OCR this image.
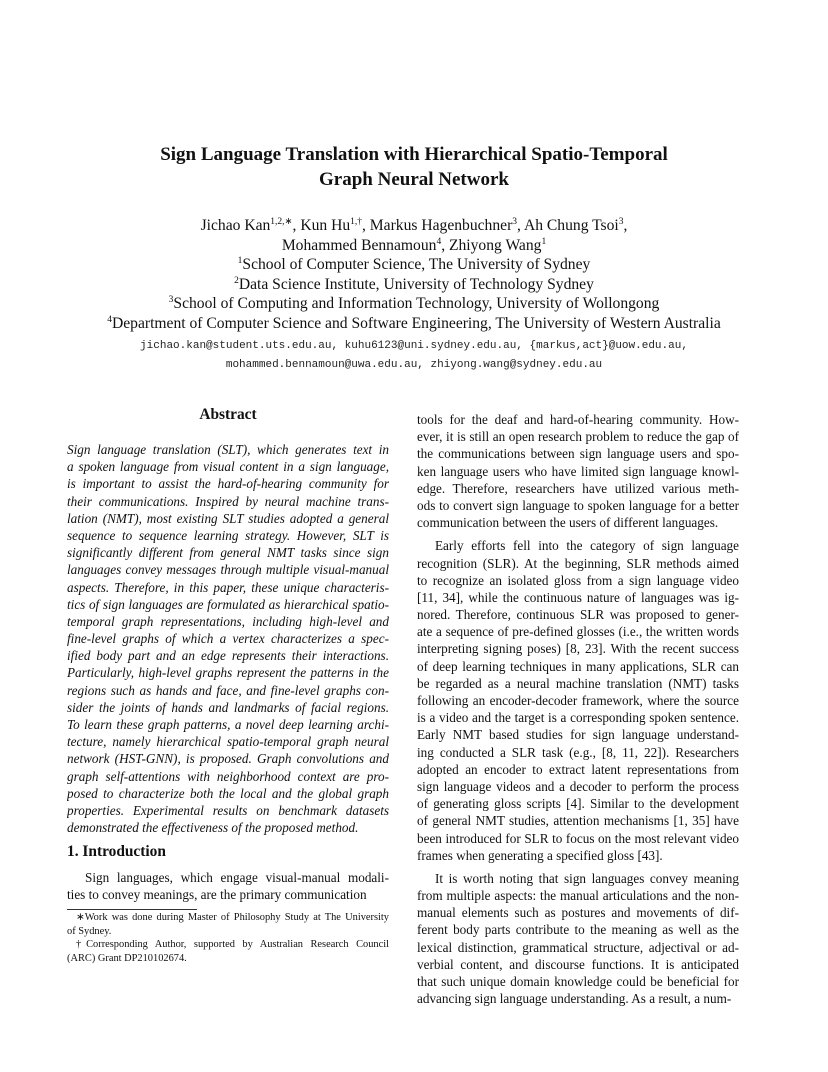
Sign Language Translation with Hierarchical Spatio-Temporal
Graph Neural Network
Jichao Kan$^{1,2,∗}$, Kun $Hu^{1,\dagger}$, Markus Hagenbuchner$^3$, Ah Chung Tsoi$^3$,
Mohammed Bennamoun$^4$, Zhiyong Wang$^1$
$^1$School of Computer Science, The University of Sydney
$^2$Data Science Institute, University of Technology Sydney
$^3$School of Computing and Information Technology, University of Wollongong
$^4$Department of Computer Science and Software Engineering, The University of Western Australia
jichao.kan@student.uts.edu.au, kuhu6123@uni.sydney.edu.au, {markus,act}@uow.edu.au,
mohammed.bennamoun@uwa.edu.au, zhiyong.wang@sydney.edu.au
Abstract
Sign language translation (SLT), which generates text in
a spoken language from visual content in a sign language,
is important to assist the hard-of-hearing community for
their communications. Inspired by neural machine trans-
lation (NMT), most existing SLT studies adopted a general
sequence to sequence learning strategy. However, SLT is
significantly different from general NMT tasks since sign
languages convey messages through multiple visual-manual
aspects. Therefore, in this paper, these unique characteris-
tics of sign languages are formulated as hierarchical spatio-
temporal graph representations, including high-level and
fine-level graphs of which a vertex characterizes a spec-
ified body part and an edge represents their interactions.
Particularly, high-level graphs represent the patterns in the
regions such as hands and face, and fine-level graphs con-
sider the joints of hands and landmarks of facial regions.
To learn these graph patterns, a novel deep learning archi-
tecture, namely hierarchical spatio-temporal graph neural
network (HST-GNN), is proposed. Graph convolutions and
graph self-attentions with neighborhood context are pro-
posed to characterize both the local and the global graph
properties. Experimental results on benchmark datasets
demonstrated the effectiveness of the proposed method.
1. Introduction
Sign languages, which engage visual-manual modali-
ties to convey meanings, are the primary communication
∗Work was done during Master of Philosophy Study at The University
of Sydney.
†Corresponding Author, supported by Australian Research Council
(ARC) Grant DP210102674.
tools for the deaf and hard-of-hearing community. How-
ever, it is still an open research problem to reduce the gap of
the communications between sign language users and spo-
ken language users who have limited sign language knowl-
edge. Therefore, researchers have utilized various meth-
ods to convert sign language to spoken language for a better
communication between the users of different languages.
Early efforts fell into the category of sign language
recognition (SLR). At the beginning, SLR methods aimed
to recognize an isolated gloss from a sign language video
[11, 34], while the continuous nature of languages was ig-
nored. Therefore, continuous SLR was proposed to gener-
ate a sequence of pre-defined glosses (i.e., the written words
interpreting signing poses) [8, 23]. With the recent success
of deep learning techniques in many applications, SLR can
be regarded as a neural machine translation (NMT) tasks
following an encoder-decoder framework, where the source
is a video and the target is a corresponding spoken sentence.
Early NMT based studies for sign language understand-
ing conducted a SLR task (e.g., [8, 11, 22]). Researchers
adopted an encoder to extract latent representations from
sign language videos and a decoder to perform the process
of generating gloss scripts [4]. Similar to the development
of general NMT studies, attention mechanisms [1, 35] have
been introduced for SLR to focus on the most relevant video
frames when generating a specified gloss [43].
It is worth noting that sign languages convey meaning
from multiple aspects: the manual articulations and the non-
manual elements such as postures and movements of dif-
ferent body parts contribute to the meaning as well as the
lexical distinction, grammatical structure, adjectival or ad-
verbial content, and discourse functions. It is anticipated
that such unique domain knowledge could be beneficial for
advancing sign language understanding. As a result, a num-
